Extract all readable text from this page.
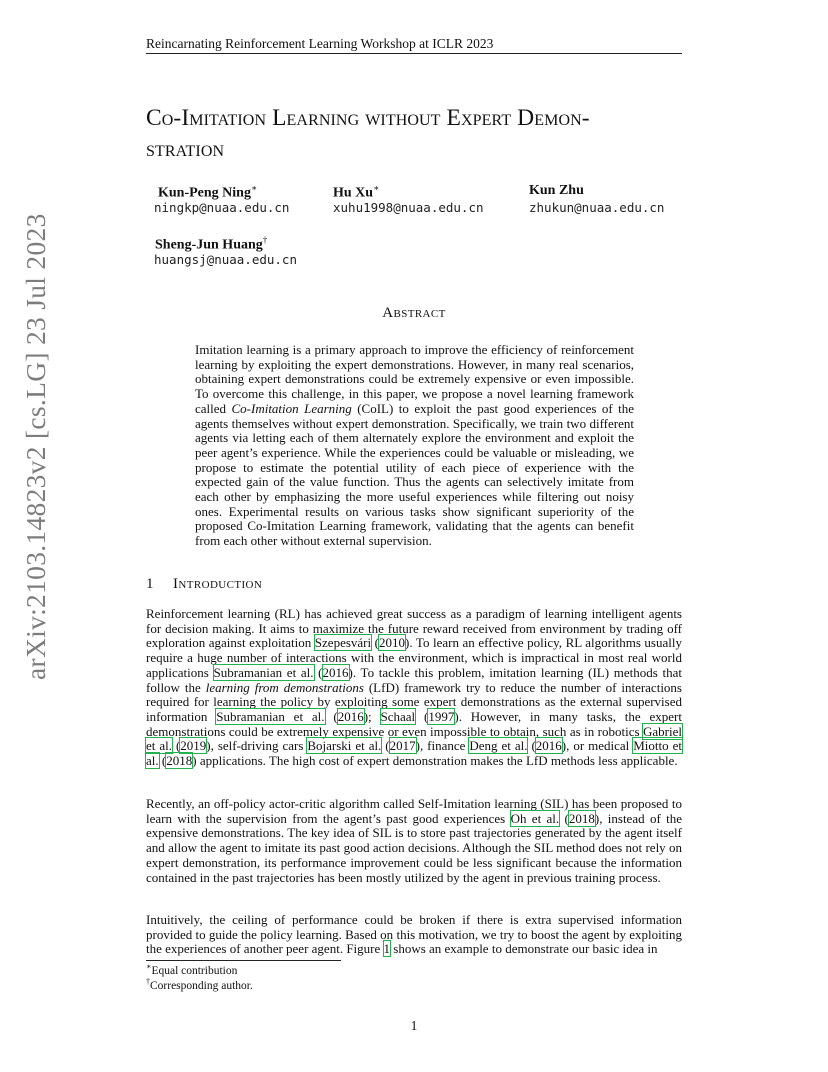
Reincarnating Reinforcement Learning Workshop at ICLR 2023
arXiv:2103.14823v2 [cs.LG] 23 Jul 2023
Co-Imitation Learning without Expert Demon-
stration
Kun-Peng Ning∗
ningkp@nuaa.edu.cn
Hu Xu∗
xuhu1998@nuaa.edu.cn
Kun Zhu
zhukun@nuaa.edu.cn
Sheng-Jun Huang†
huangsj@nuaa.edu.cn
Abstract
Imitation learning is a primary approach to improve the efficiency of reinforcement learning by exploiting the expert demonstrations. However, in many real scenarios, obtaining expert demonstrations could be extremely expensive or even impossible. To overcome this challenge, in this paper, we propose a novel learning framework called Co-Imitation Learning (CoIL) to exploit the past good experiences of the agents themselves without expert demonstration. Specifically, we train two different agents via letting each of them alternately explore the environment and exploit the peer agent’s experience. While the experiences could be valuable or misleading, we propose to estimate the potential utility of each piece of experience with the expected gain of the value function. Thus the agents can selectively imitate from each other by emphasizing the more useful experiences while filtering out noisy ones. Experimental results on various tasks show significant superiority of the proposed Co-Imitation Learning framework, validating that the agents can benefit from each other without external supervision.
1 Introduction
Reinforcement learning (RL) has achieved great success as a paradigm of learning intelligent agents for decision making. It aims to maximize the future reward received from environment by trading off exploration against exploitation Szepesvári (2010). To learn an effective policy, RL algorithms usually require a huge number of interactions with the environment, which is impractical in most real world applications Subramanian et al. (2016). To tackle this problem, imitation learning (IL) methods that follow the learning from demonstrations (LfD) framework try to reduce the number of interactions required for learning the policy by exploiting some expert demonstrations as the external supervised information Subramanian et al. (2016); Schaal (1997). However, in many tasks, the expert demonstrations could be extremely expensive or even impossible to obtain, such as in robotics Gabriel et al. (2019), self-driving cars Bojarski et al. (2017), finance Deng et al. (2016), or medical Miotto et al. (2018) applications. The high cost of expert demonstration makes the LfD methods less applicable.
Recently, an off-policy actor-critic algorithm called Self-Imitation learning (SIL) has been proposed to learn with the supervision from the agent’s past good experiences Oh et al. (2018), instead of the expensive demonstrations. The key idea of SIL is to store past trajectories generated by the agent itself and allow the agent to imitate its past good action decisions. Although the SIL method does not rely on expert demonstration, its performance improvement could be less significant because the information contained in the past trajectories has been mostly utilized by the agent in previous training process.
Intuitively, the ceiling of performance could be broken if there is extra supervised information provided to guide the policy learning. Based on this motivation, we try to boost the agent by exploiting the experiences of another peer agent. Figure 1 shows an example to demonstrate our basic idea in
∗Equal contribution
†Corresponding author.
1
